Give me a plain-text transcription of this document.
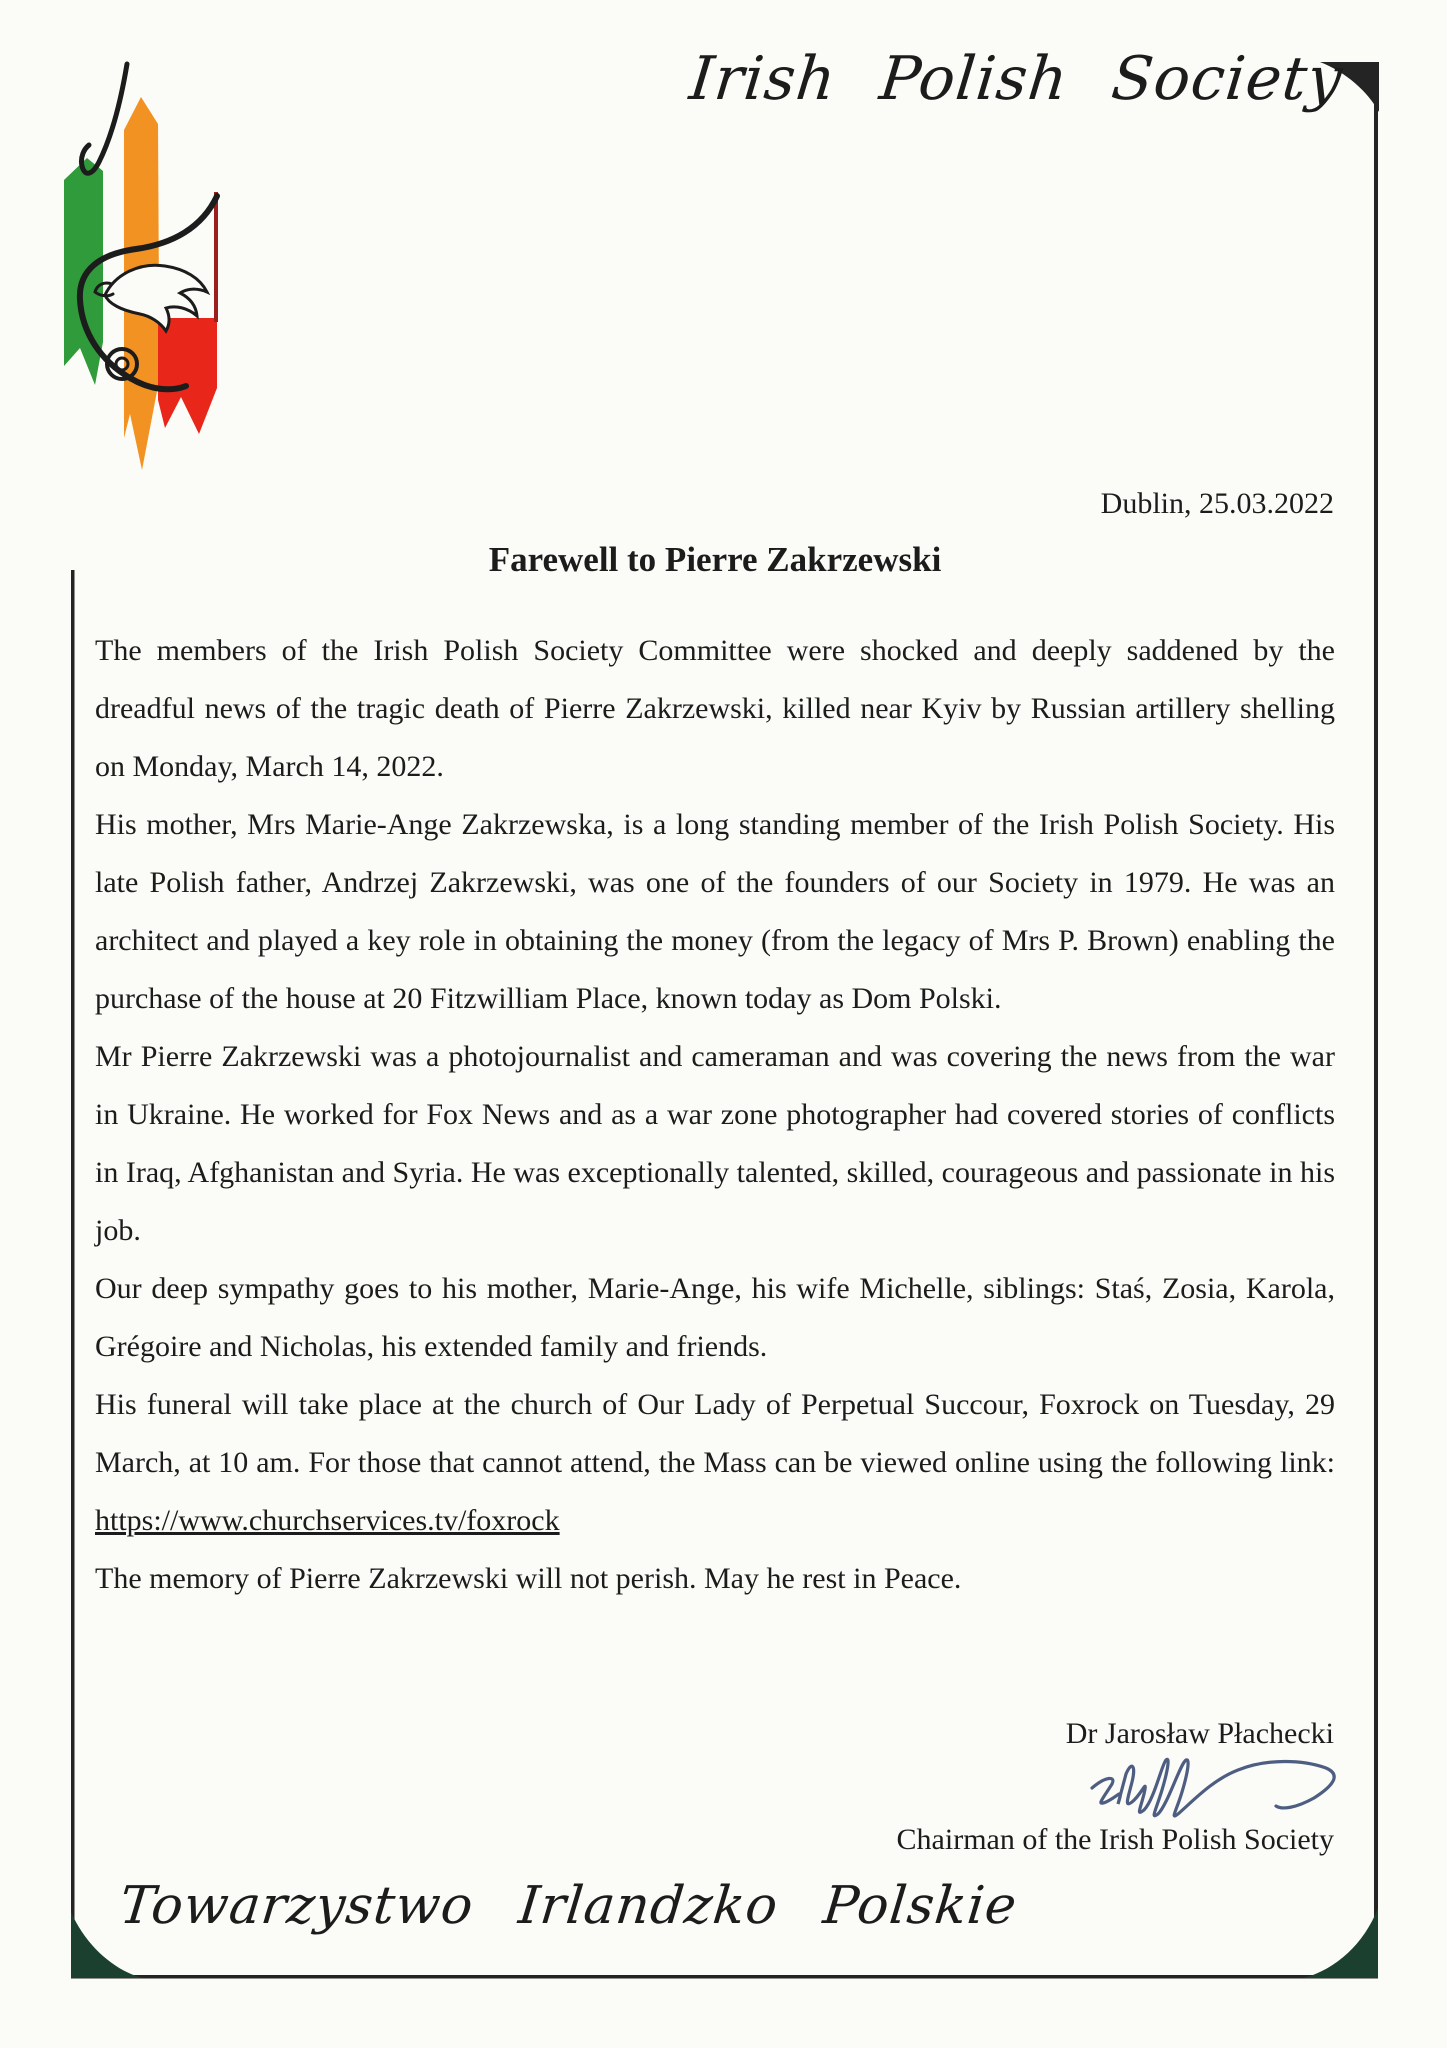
Irish Polish Society
Dublin, 25.03.2022
Farewell to Pierre Zakrzewski

The members of the Irish Polish Society Committee were shocked and deeply saddened by the dreadful news of the tragic death of Pierre Zakrzewski, killed near Kyiv by Russian artillery shelling on Monday, March 14, 2022.

His mother, Mrs Marie-Ange Zakrzewska, is a long standing member of the Irish Polish Society. His late Polish father, Andrzej Zakrzewski, was one of the founders of our Society in 1979. He was an architect and played a key role in obtaining the money (from the legacy of Mrs P. Brown) enabling the purchase of the house at 20 Fitzwilliam Place, known today as Dom Polski.

Mr Pierre Zakrzewski was a photojournalist and cameraman and was covering the news from the war in Ukraine. He worked for Fox News and as a war zone photographer had covered stories of conflicts in Iraq, Afghanistan and Syria. He was exceptionally talented, skilled, courageous and passionate in his job.

Our deep sympathy goes to his mother, Marie-Ange, his wife Michelle, siblings: Staś, Zosia, Karola, Grégoire and Nicholas, his extended family and friends.

His funeral will take place at the church of Our Lady of Perpetual Succour, Foxrock on Tuesday, 29 March, at 10 am. For those that cannot attend, the Mass can be viewed online using the following link: https://www.churchservices.tv/foxrock

The memory of Pierre Zakrzewski will not perish. May he rest in Peace.

Dr Jarosław Płachecki
Chairman of the Irish Polish Society
Towarzystwo Irlandzko Polskie
